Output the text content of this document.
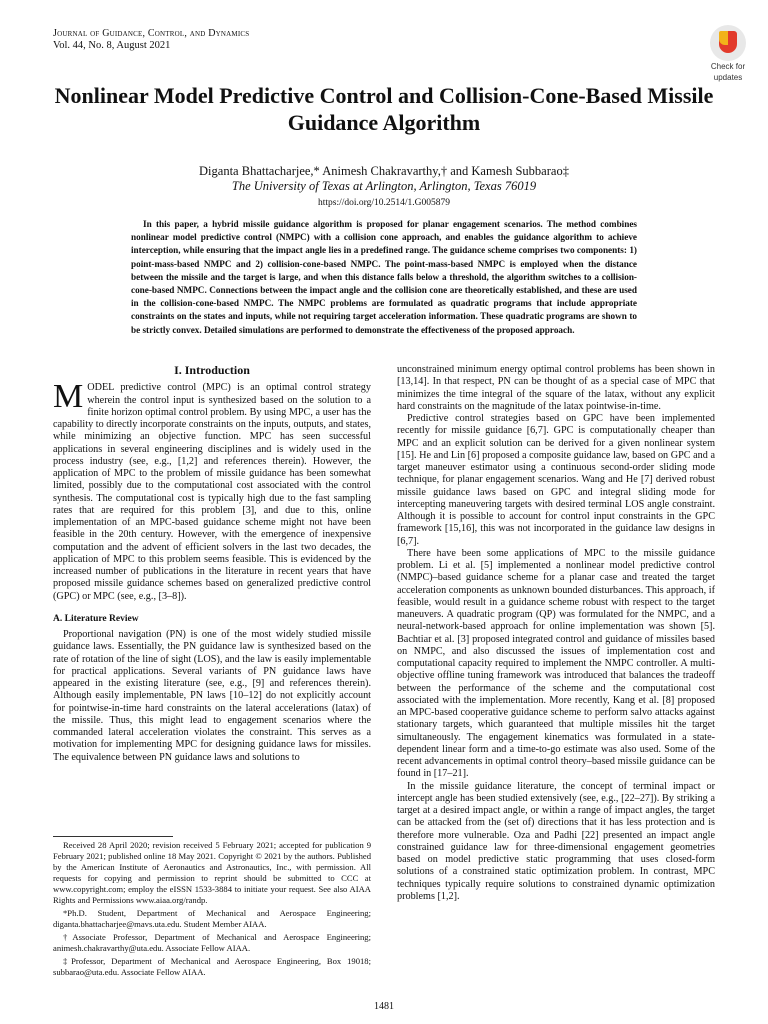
Journal of Guidance, Control, and Dynamics
Vol. 44, No. 8, August 2021
Check for
updates
Nonlinear Model Predictive Control and Collision-Cone-Based Missile Guidance Algorithm
Diganta Bhattacharjee,* Animesh Chakravarthy,† and Kamesh Subbarao‡
The University of Texas at Arlington, Arlington, Texas 76019
https://doi.org/10.2514/1.G005879
In this paper, a hybrid missile guidance algorithm is proposed for planar engagement scenarios. The method combines nonlinear model predictive control (NMPC) with a collision cone approach, and enables the guidance algorithm to achieve interception, while ensuring that the impact angle lies in a predefined range. The guidance scheme comprises two components: 1) point-mass-based NMPC and 2) collision-cone-based NMPC. The point-mass-based NMPC is employed when the distance between the missile and the target is large, and when this distance falls below a threshold, the algorithm switches to a collision-cone-based NMPC. Connections between the impact angle and the collision cone are theoretically established, and these are used in the collision-cone-based NMPC. The NMPC problems are formulated as quadratic programs that include appropriate constraints on the states and inputs, while not requiring target acceleration information. These quadratic programs are shown to be strictly convex. Detailed simulations are performed to demonstrate the effectiveness of the proposed approach.
I. Introduction

MODEL predictive control (MPC) is an optimal control strategy wherein the control input is synthesized based on the solution to a finite horizon optimal control problem. By using MPC, a user has the capability to directly incorporate constraints on the inputs, outputs, and states, while minimizing an objective function. MPC has seen successful applications in several engineering disciplines and is widely used in the process industry (see, e.g., [1,2] and references therein). However, the application of MPC to the problem of missile guidance has been somewhat limited, possibly due to the computational cost associated with the control synthesis. The computational cost is typically high due to the fast sampling rates that are required for this problem [3], and due to this, online implementation of an MPC-based guidance scheme might not have been feasible in the 20th century. However, with the emergence of inexpensive computation and the advent of efficient solvers in the last two decades, the application of MPC to this problem seems feasible. This is evidenced by the increased number of publications in the literature in recent years that have proposed missile guidance schemes based on generalized predictive control (GPC) or MPC (see, e.g., [3–8]).

A. Literature Review

Proportional navigation (PN) is one of the most widely studied missile guidance laws. Essentially, the PN guidance law is synthesized based on the rate of rotation of the line of sight (LOS), and the law is easily implementable for practical applications. Several variants of PN guidance laws have appeared in the existing literature (see, e.g., [9] and references therein). Although easily implementable, PN laws [10–12] do not explicitly account for pointwise-in-time hard constraints on the lateral accelerations (latax) of the missile. Thus, this might lead to engagement scenarios where the commanded lateral acceleration violates the constraint. This serves as a motivation for implementing MPC for designing guidance laws for missiles. The equivalence between PN guidance laws and solutions to

unconstrained minimum energy optimal control problems has been shown in [13,14]. In that respect, PN can be thought of as a special case of MPC that minimizes the time integral of the square of the latax, without any explicit hard constraints on the magnitude of the latax pointwise-in-time.

Predictive control strategies based on GPC have been implemented recently for missile guidance [6,7]. GPC is computationally cheaper than MPC and an explicit solution can be derived for a given nonlinear system [15]. He and Lin [6] proposed a composite guidance law, based on GPC and a target maneuver estimator using a continuous second-order sliding mode technique, for planar engagement scenarios. Wang and He [7] derived robust missile guidance laws based on GPC and integral sliding mode for intercepting maneuvering targets with desired terminal LOS angle constraint. Although it is possible to account for control input constraints in the GPC framework [15,16], this was not incorporated in the guidance law designs in [6,7].

There have been some applications of MPC to the missile guidance problem. Li et al. [5] implemented a nonlinear model predictive control (NMPC)–based guidance scheme for a planar case and treated the target acceleration components as unknown bounded disturbances. This approach, if feasible, would result in a guidance scheme robust with respect to the target maneuvers. A quadratic program (QP) was formulated for the NMPC, and a neural-network-based approach for online implementation was shown [5]. Bachtiar et al. [3] proposed integrated control and guidance of missiles based on NMPC, and also discussed the issues of implementation cost and computational capacity required to implement the NMPC controller. A multi-objective offline tuning framework was introduced that balances the tradeoff between the performance of the scheme and the computational cost associated with the implementation. More recently, Kang et al. [8] proposed an MPC-based cooperative guidance scheme to perform salvo attacks against stationary targets, which guaranteed that multiple missiles hit the target simultaneously. The engagement kinematics was formulated in a state-dependent linear form and a time-to-go estimate was also used. Some of the recent advancements in optimal control theory–based missile guidance can be found in [17–21].

In the missile guidance literature, the concept of terminal impact or intercept angle has been studied extensively (see, e.g., [22–27]). By striking a target at a desired impact angle, or within a range of impact angles, the target can be attacked from the (set of) directions that it has less protection and is therefore more vulnerable. Oza and Padhi [22] presented an impact angle constrained guidance law for three-dimensional engagement geometries based on model predictive static programming that uses closed-form solutions of a constrained static optimization problem. In contrast, MPC techniques typically require solutions to constrained dynamic optimization problems [1,2].

Received 28 April 2020; revision received 5 February 2021; accepted for publication 9 February 2021; published online 18 May 2021. Copyright © 2021 by the authors. Published by the American Institute of Aeronautics and Astronautics, Inc., with permission. All requests for copying and permission to reprint should be submitted to CCC at www.copyright.com; employ the eISSN 1533-3884 to initiate your request. See also AIAA Rights and Permissions www.aiaa.org/randp.

*Ph.D. Student, Department of Mechanical and Aerospace Engineering; diganta.bhattacharjee@mavs.uta.edu. Student Member AIAA.

†Associate Professor, Department of Mechanical and Aerospace Engineering; animesh.chakravarthy@uta.edu. Associate Fellow AIAA.

‡Professor, Department of Mechanical and Aerospace Engineering, Box 19018; subbarao@uta.edu. Associate Fellow AIAA.

1481
